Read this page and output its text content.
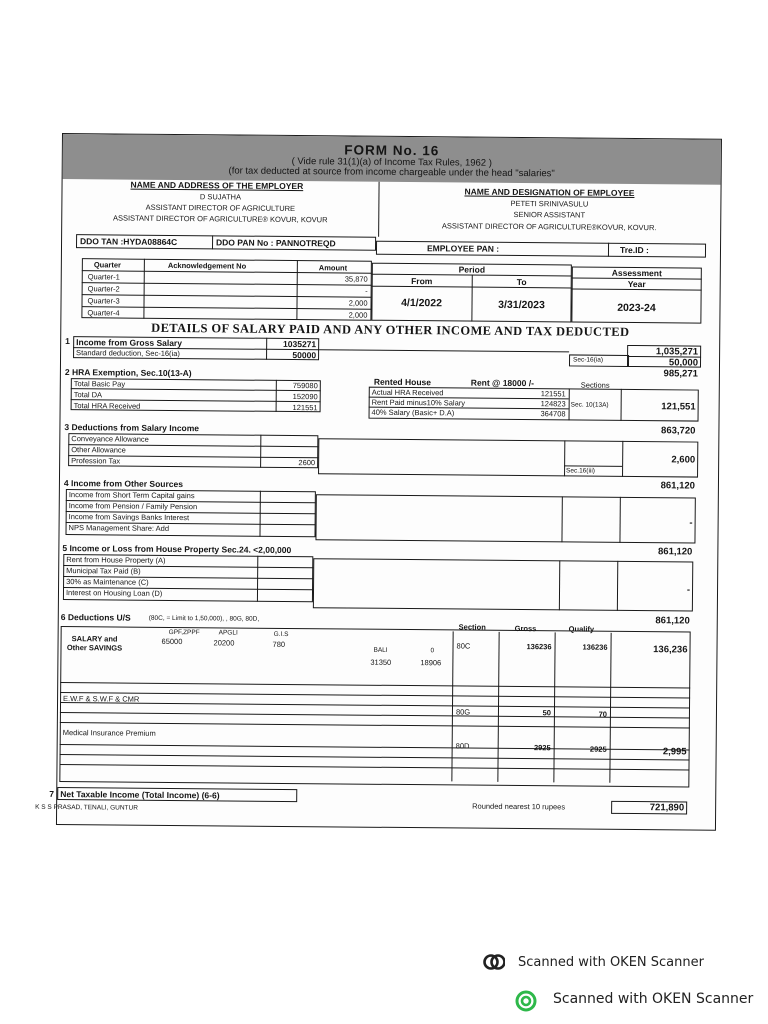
FORM No. 16
( Vide rule 31(1)(a) of Income Tax Rules, 1962 )
(for tax deducted at source from income chargeable under the head "salaries"
NAME AND ADDRESS OF THE EMPLOYER
D SUJATHA
ASSISTANT DIRECTOR OF AGRICULTURE
ASSISTANT DIRECTOR OF AGRICULTURE® KOVUR, KOVUR
NAME AND DESIGNATION OF EMPLOYEE
PETETI SRINIVASULU
SENIOR ASSISTANT
ASSISTANT DIRECTOR OF AGRICULTURE®KOVUR, KOVUR.
DDO TAN :HYDA08864C	DDO PAN No : PANNOTREQD
EMPLOYEE PAN :	Tre.ID :
Quarter	Acknowledgement No	Amount
Quarter-1	35,870
Quarter-2	-
Quarter-3	2,000
Quarter-4	2,000
Period
From	To
4/1/2022	3/31/2023
Assessment
Year
2023-24
DETAILS OF SALARY PAID AND ANY OTHER INCOME AND TAX DEDUCTED
1 Income from Gross Salary	1035271
Standard deduction, Sec-16(ia)	50000	Sec-16(ia)
1,035,271
50,000
985,271
2 HRA Exemption, Sec.10(13-A)
Total Basic Pay	759080
Total DA	152090
Total HRA Received	121551
Rented House	Rent @ 18000 /-	Sections
Actual HRA Received	121551
Rent Paid minus10% Salary	124823
40% Salary (Basic+ D.A)	364708
Sec. 10(13A)	121,551
863,720
3 Deductions from Salary Income
Conveyance Allowance
Other Allowance
Profession Tax	2600
Sec.16(iii)
2,600
861,120
4 Income from Other Sources
Income from Short Term Capital gains
Income from Pension / Family Pension
Income from Savings Banks Interest
NPS Management Share: Add	-
861,120
5 Income or Loss from House Property Sec.24. <2,00,000
Rent from House Property (A)
Municipal Tax Paid (B)
30% as Maintenance (C)
Interest on Housing Loan (D)	-
861,120
6 Deductions U/S	(80C, = Limit to 1,50,000), , 80G, 80D,
Section	Gross	Qualify
SALARY and Other SAVINGS
GPF,ZPPF
65000
APGLI
20200
G.I.S
780
BALI	0
31350	18906
80C	136236	136236	136,236
E.W.F & S.W.F & CMR
80G	50	70
Medical Insurance Premium
80D	2925	2925	2,995
7 Net Taxable Income (Total Income) (6-6)
Rounded nearest 10 rupees	721,890
K S S PRASAD, TENALI, GUNTUR
Scanned with OKEN Scanner
Scanned with OKEN Scanner
